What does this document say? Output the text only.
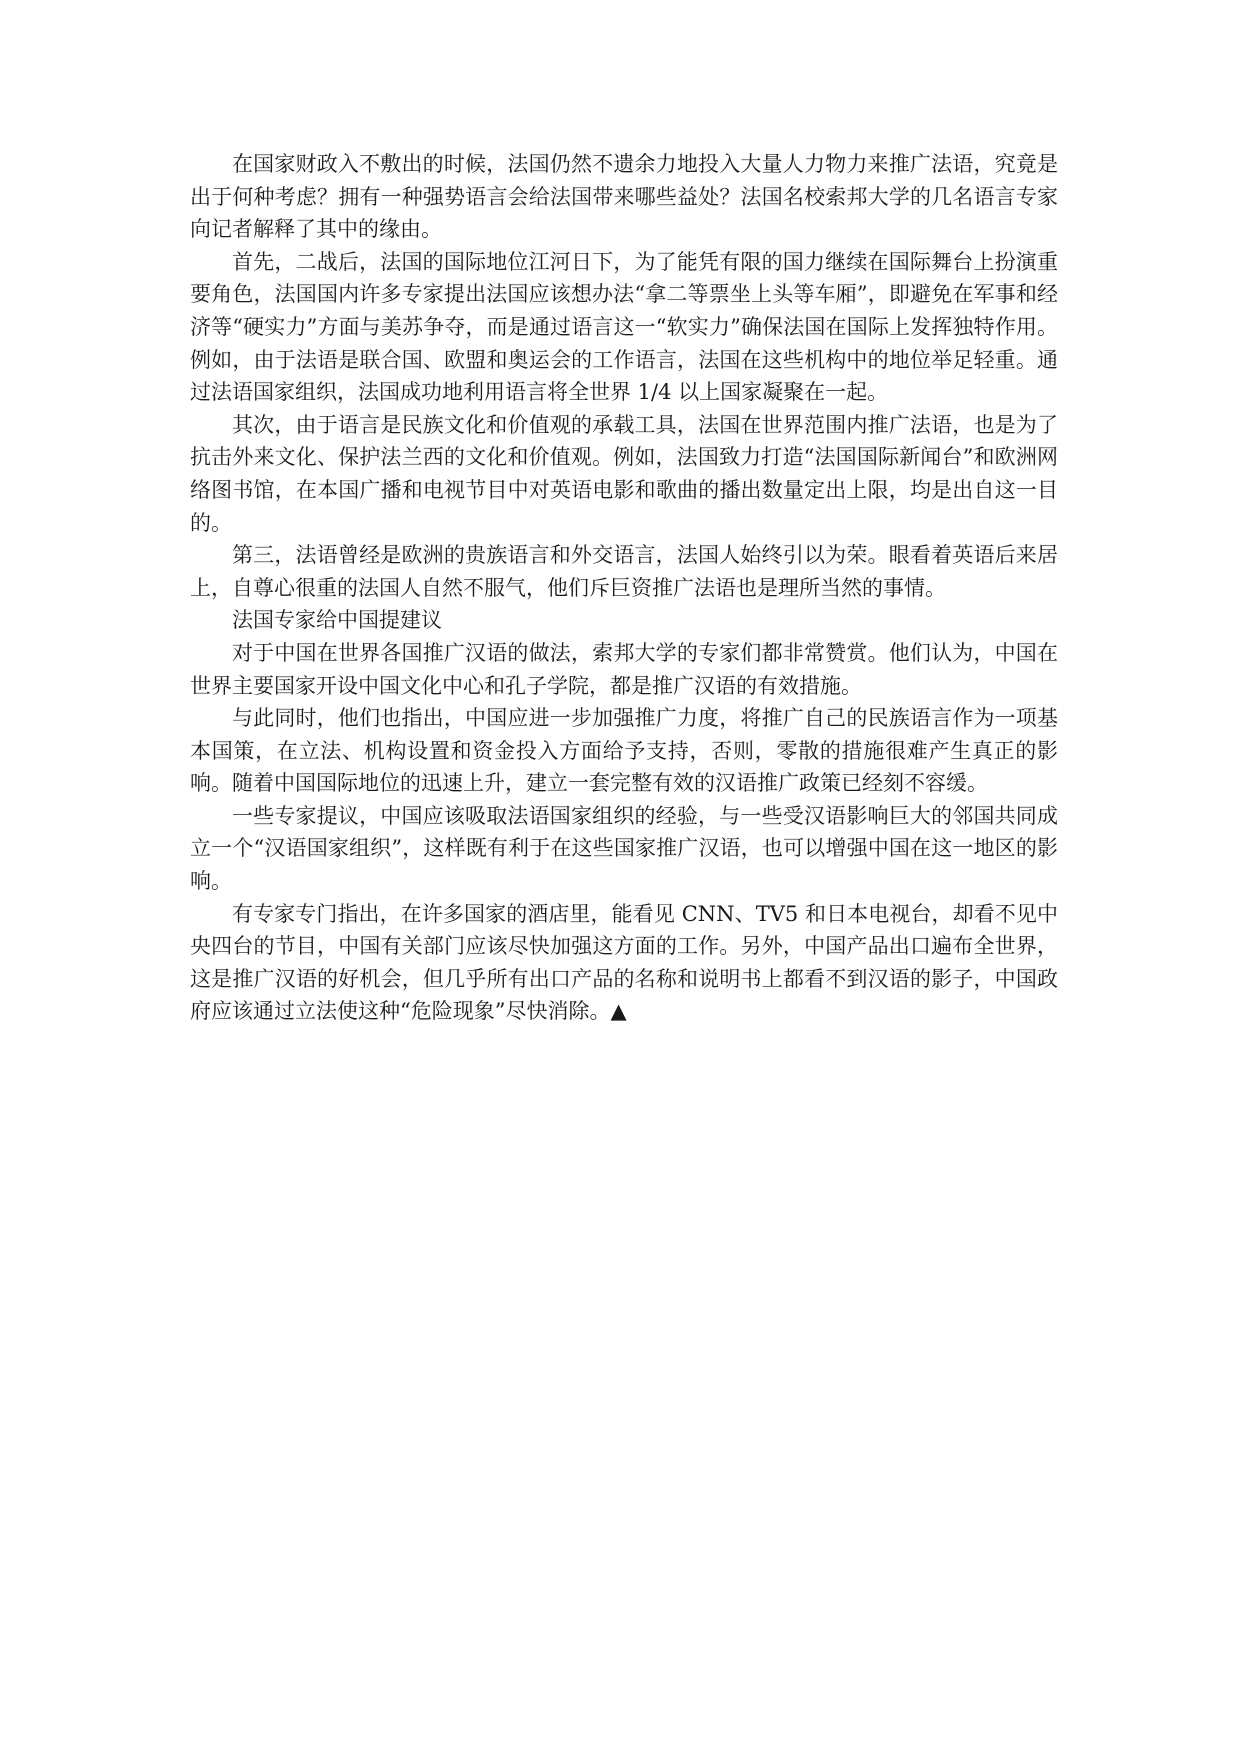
在国家财政入不敷出的时候，法国仍然不遗余力地投入大量人力物力来推广法语，究竟是出于何种考虑？拥有一种强势语言会给法国带来哪些益处？法国名校索邦大学的几名语言专家向记者解释了其中的缘由。

首先，二战后，法国的国际地位江河日下，为了能凭有限的国力继续在国际舞台上扮演重要角色，法国国内许多专家提出法国应该想办法“拿二等票坐上头等车厢”，即避免在军事和经济等“硬实力”方面与美苏争夺，而是通过语言这一“软实力”确保法国在国际上发挥独特作用。例如，由于法语是联合国、欧盟和奥运会的工作语言，法国在这些机构中的地位举足轻重。通过法语国家组织，法国成功地利用语言将全世界 1/4 以上国家凝聚在一起。

其次，由于语言是民族文化和价值观的承载工具，法国在世界范围内推广法语，也是为了抗击外来文化、保护法兰西的文化和价值观。例如，法国致力打造“法国国际新闻台”和欧洲网络图书馆，在本国广播和电视节目中对英语电影和歌曲的播出数量定出上限，均是出自这一目的。

第三，法语曾经是欧洲的贵族语言和外交语言，法国人始终引以为荣。眼看着英语后来居上，自尊心很重的法国人自然不服气，他们斥巨资推广法语也是理所当然的事情。

法国专家给中国提建议

对于中国在世界各国推广汉语的做法，索邦大学的专家们都非常赞赏。他们认为，中国在世界主要国家开设中国文化中心和孔子学院，都是推广汉语的有效措施。

与此同时，他们也指出，中国应进一步加强推广力度，将推广自己的民族语言作为一项基本国策，在立法、机构设置和资金投入方面给予支持，否则，零散的措施很难产生真正的影响。随着中国国际地位的迅速上升，建立一套完整有效的汉语推广政策已经刻不容缓。

一些专家提议，中国应该吸取法语国家组织的经验，与一些受汉语影响巨大的邻国共同成立一个“汉语国家组织”，这样既有利于在这些国家推广汉语，也可以增强中国在这一地区的影响。

有专家专门指出，在许多国家的酒店里，能看见 CNN、TV5 和日本电视台，却看不见中央四台的节目，中国有关部门应该尽快加强这方面的工作。另外，中国产品出口遍布全世界，这是推广汉语的好机会，但几乎所有出口产品的名称和说明书上都看不到汉语的影子，中国政府应该通过立法使这种“危险现象”尽快消除。▲
